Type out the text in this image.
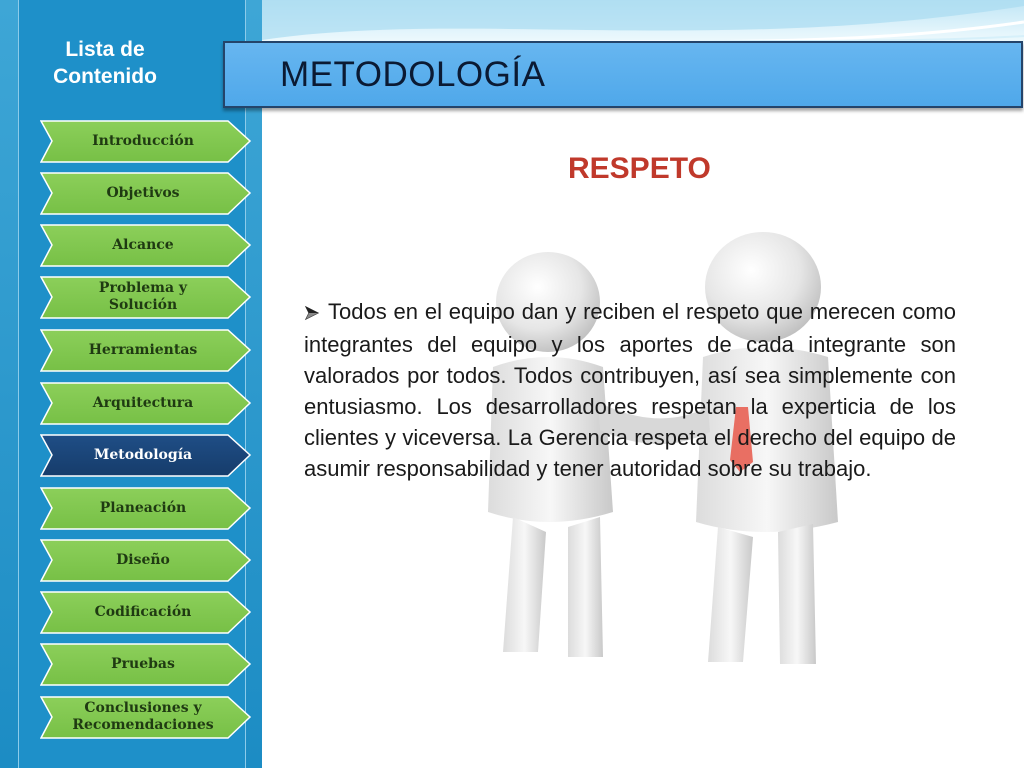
Lista de
Contenido
Introducción
Objetivos
Alcance
Problema y
Solución
Herramientas
Arquitectura
Metodología
Planeación
Diseño
Codificación
Pruebas
Conclusiones y
Recomendaciones
METODOLOGÍA
RESPETO
Todos en el equipo dan y reciben el respeto que merecen como integrantes del equipo y los aportes de cada integrante son valorados por todos. Todos contribuyen, así sea simplemente con entusiasmo. Los desarrolladores respetan la experticia de los clientes y viceversa. La Gerencia respeta el derecho del equipo de asumir responsabilidad y tener autoridad sobre su trabajo.
